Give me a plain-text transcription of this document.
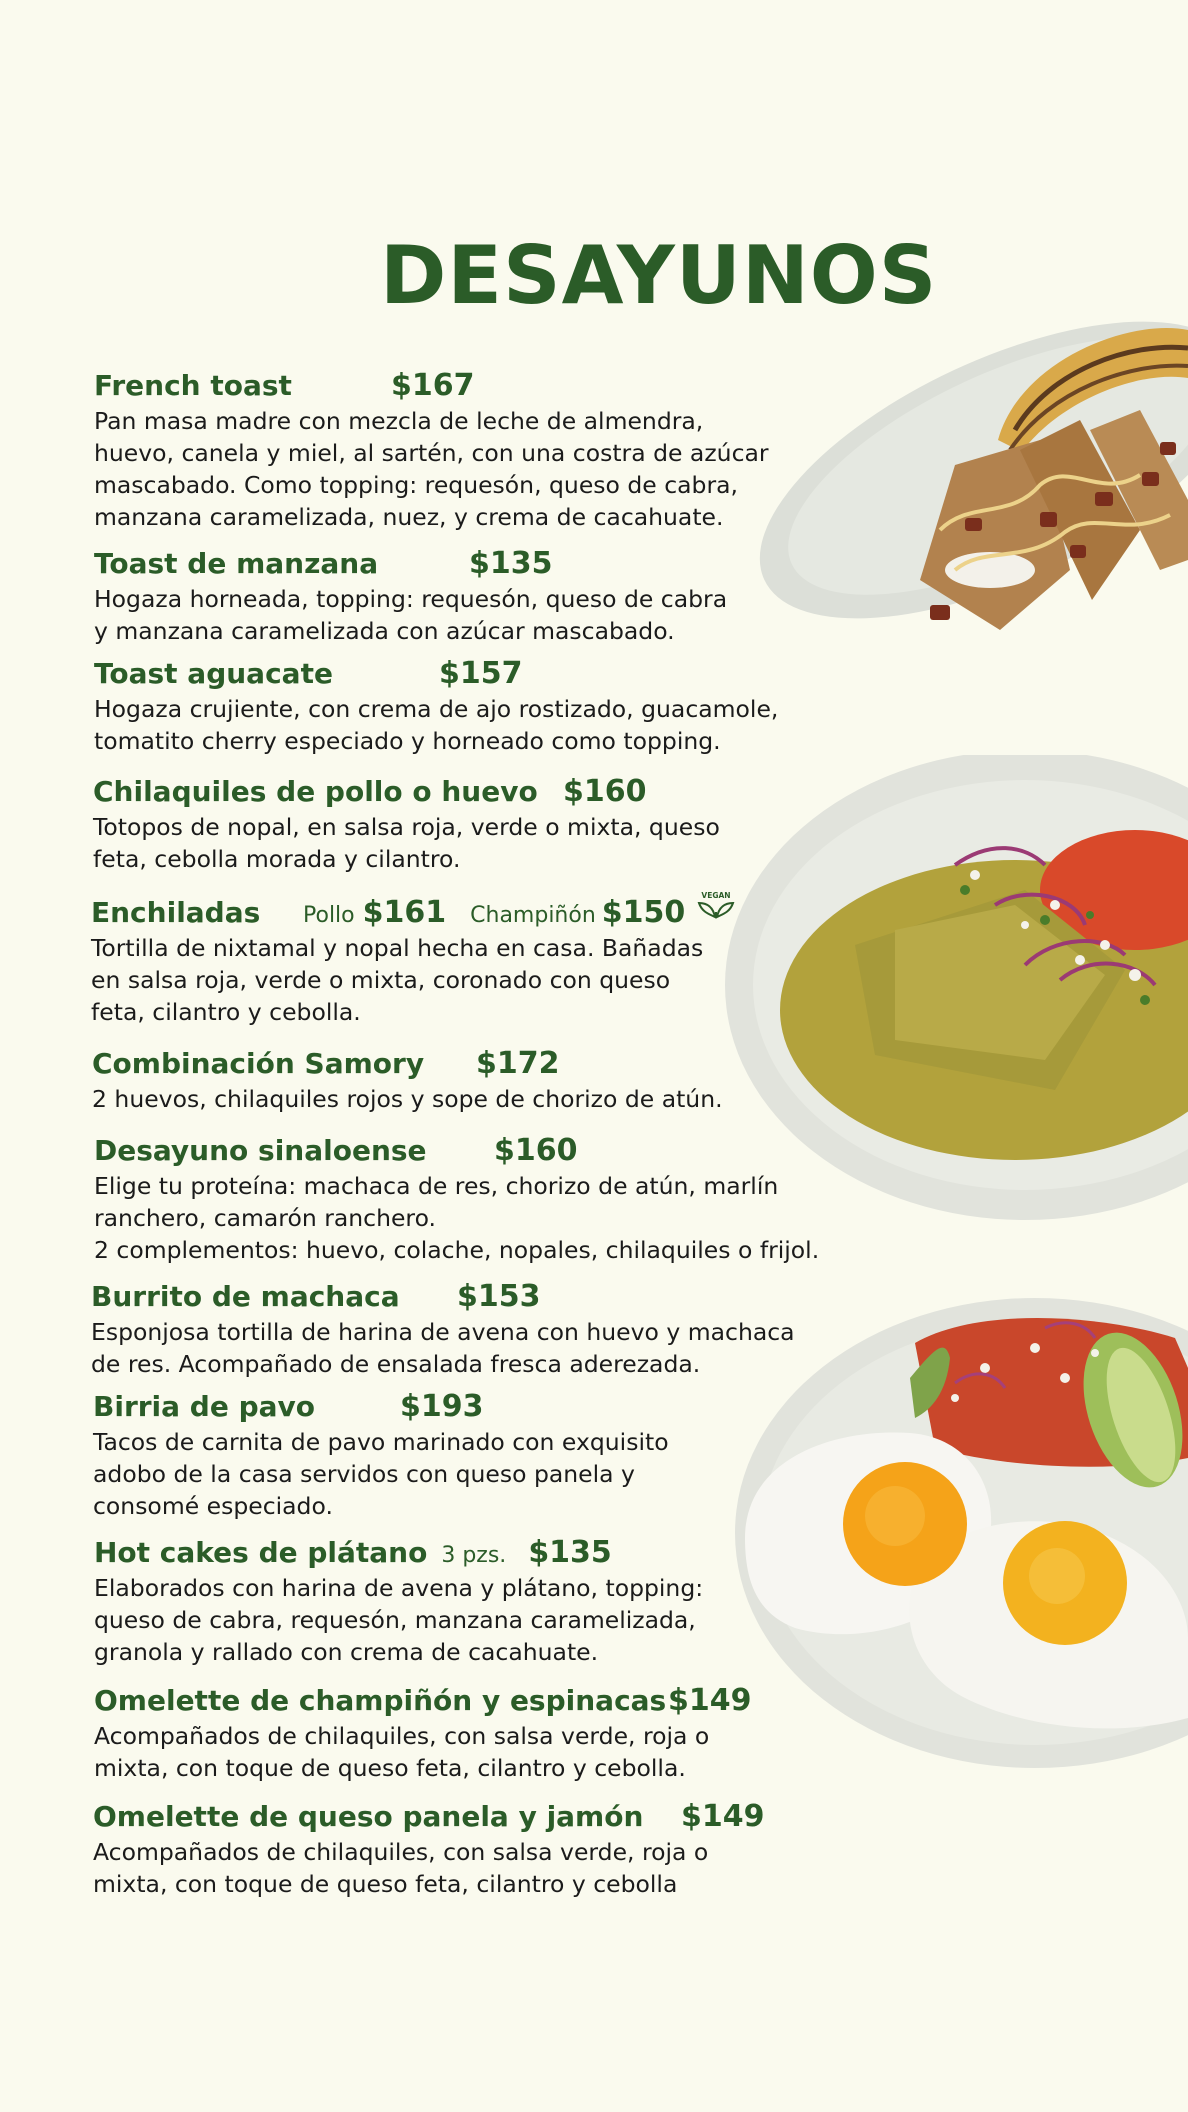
DESAYUNOS
French toast	$167
Pan masa madre con mezcla de leche de almendra,
huevo, canela y miel, al sartén, con una costra de azúcar
mascabado. Como topping: requesón, queso de cabra,
manzana caramelizada, nuez, y crema de cacahuate.
Toast de manzana	$135
Hogaza horneada, topping: requesón, queso de cabra
y manzana caramelizada con azúcar mascabado.
Toast aguacate	$157
Hogaza crujiente, con crema de ajo rostizado, guacamole,
tomatito cherry especiado y horneado como topping.
Chilaquiles de pollo o huevo $160
Totopos de nopal, en salsa roja, verde o mixta, queso
feta, cebolla morada y cilantro.
Enchiladas	Pollo $161 Champiñón $150 VEGAN
Tortilla de nixtamal y nopal hecha en casa. Bañadas
en salsa roja, verde o mixta, coronado con queso
feta, cilantro y cebolla.
Combinación Samory	$172
2 huevos, chilaquiles rojos y sope de chorizo de atún.
Desayuno sinaloense	$160
Elige tu proteína: machaca de res, chorizo de atún, marlín
ranchero, camarón ranchero.
2 complementos: huevo, colache, nopales, chilaquiles o frijol.
Burrito de machaca	$153
Esponjosa tortilla de harina de avena con huevo y machaca
de res. Acompañado de ensalada fresca aderezada.
Birria de pavo	$193
Tacos de carnita de pavo marinado con exquisito
adobo de la casa servidos con queso panela y
consomé especiado.
Hot cakes de plátano 3 pzs. $135
Elaborados con harina de avena y plátano, topping:
queso de cabra, requesón, manzana caramelizada,
granola y rallado con crema de cacahuate.
Omelette de champiñón y espinacas $149
Acompañados de chilaquiles, con salsa verde, roja o
mixta, con toque de queso feta, cilantro y cebolla.
Omelette de queso panela y jamón	$149
Acompañados de chilaquiles, con salsa verde, roja o
mixta, con toque de queso feta, cilantro y cebolla
